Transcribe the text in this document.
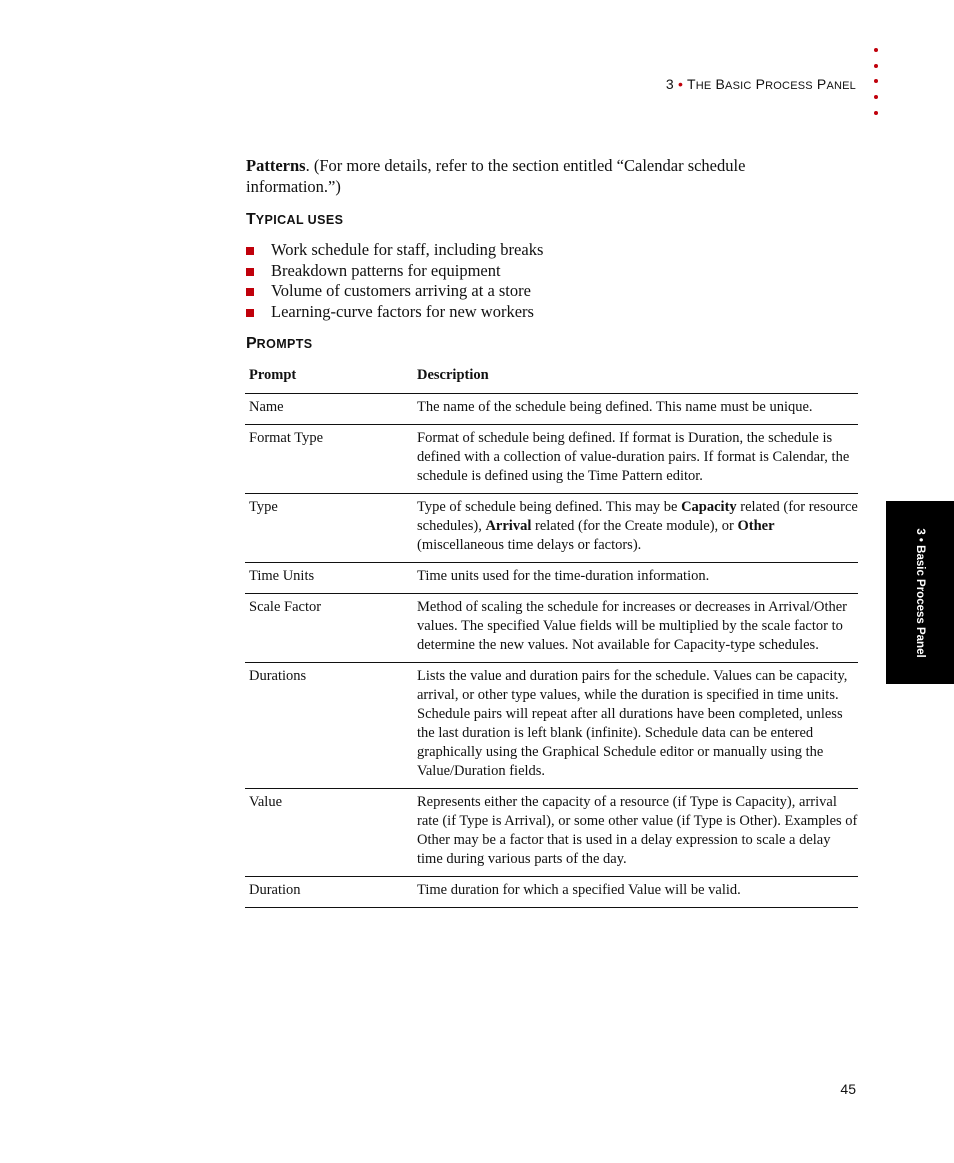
3 • THE BASIC PROCESS PANEL
Patterns. (For more details, refer to the section entitled “Calendar schedule information.”)
TYPICAL USES
Work schedule for staff, including breaks
Breakdown patterns for equipment
Volume of customers arriving at a store
Learning-curve factors for new workers
PROMPTS
Prompt	Description
Name	The name of the schedule being defined. This name must be unique.
Format Type	Format of schedule being defined. If format is Duration, the schedule is defined with a collection of value-duration pairs. If format is Calendar, the schedule is defined using the Time Pattern editor.
Type	Type of schedule being defined. This may be Capacity related (for resource schedules), Arrival related (for the Create module), or Other (miscellaneous time delays or factors).
Time Units	Time units used for the time-duration information.
Scale Factor	Method of scaling the schedule for increases or decreases in Arrival/Other values. The specified Value fields will be multiplied by the scale factor to determine the new values. Not available for Capacity-type schedules.
Durations	Lists the value and duration pairs for the schedule. Values can be capacity, arrival, or other type values, while the duration is specified in time units. Schedule pairs will repeat after all durations have been completed, unless the last duration is left blank (infinite). Schedule data can be entered graphically using the Graphical Schedule editor or manually using the Value/Duration fields.
Value	Represents either the capacity of a resource (if Type is Capacity), arrival rate (if Type is Arrival), or some other value (if Type is Other). Examples of Other may be a factor that is used in a delay expression to scale a delay time during various parts of the day.
Duration	Time duration for which a specified Value will be valid.
3 • Basic Process Panel
45
